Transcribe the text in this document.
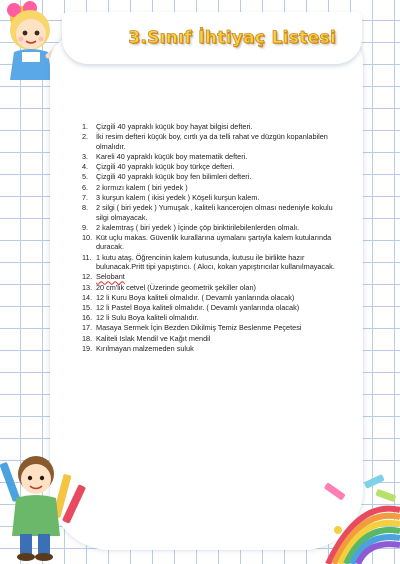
3.Sınıf İhtiyaç Listesi
1.	Çizgili 40 yapraklı küçük boy hayat bilgisi defteri.
2.	İki resim defteri küçük boy, cırtlı ya da telli rahat ve düzgün kopanlabilen olmalıdır.
3.	Kareli 40 yapraklı küçük boy matematik defteri.
4.	Çizgili 40 yapraklı küçük boy türkçe defteri.
5.	Çizgili 40 yapraklı küçük boy fen bilimleri defteri.
6.	2 kırmızı kalem ( biri yedek )
7.	3 kurşun kalem ( ikisi yedek ) Köşeli kurşun kalem.
8.	2 silgi ( biri yedek ) Yumuşak , kaliteli kancerojen olması nedeniyle kokulu silgi olmayacak.
9.	2 kalemtraş ( biri yedek ) İçinde çöp biriktirilebilenlerden olmalı.
10. Küt uçlu makas. Güvenlik kurallarına uymalanı şartıyla kalem kutularında duracak.
11. 1 kutu ataş. Öğrencinin kalem kutusunda, kutusu ile birlikte hazır bulunacak.Pritt tipi yapıştırıcı. ( Akıcı, kokan yapıştırıcılar kullanılmayacak.
12. Selobant
13. 20 cm'lik cetvel (Üzerinde geometrik şekiller olan)
14. 12 li Kuru Boya kaliteli olmalıdır. ( Devamlı yanlarında olacak)
15. 12 li Pastel Boya kaliteli olmalıdır. ( Devamlı yanlarında olacak)
16. 12 li Sulu Boya kaliteli olmalıdır.
17. Masaya Sermek İçin Bezden Dikilmiş Temiz Beslenme Peçetesi
18. Kaliteli Islak Mendil ve Kağıt mendil
19. Kırılmayan malzemeden suluk
